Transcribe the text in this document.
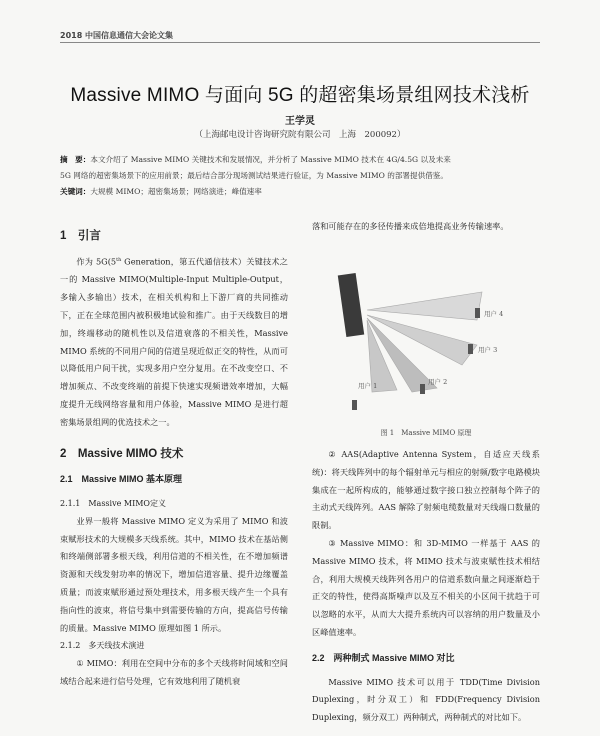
2018 中国信息通信大会论文集
Massive MIMO 与面向 5G 的超密集场景组网技术浅析
王学灵
（上海邮电设计咨询研究院有限公司　上海　200092）
摘　要：本文介绍了 Massive MIMO 关键技术和发展情况，并分析了 Massive MIMO 技术在 4G/4.5G 以及未来
5G 网络的超密集场景下的应用前景；最后结合部分现场测试结果进行验证，为 Massive MIMO 的部署提供借鉴。
关键词：大规模 MIMO；超密集场景；网络演进；峰值速率
1　引言

作为 5G(5th Generation，第五代通信技术）关键技术之一的 Massive MIMO(Multiple-Input Multiple-Output，多输入多输出）技术，在相关机构和上下游厂商的共同推动下，正在全球范围内被积极地试验和推广。由于天线数目的增加，终端移动的随机性以及信道衰落的不相关性，Massive MIMO 系统的不同用户间的信道呈现近似正交的特性，从而可以降低用户间干扰，实现多用户空分复用。在不改变空口、不增加频点、不改变终端的前提下快速实现频谱效率增加，大幅度提升无线网络容量和用户体验，Massive MIMO 是进行超密集场景组网的优选技术之一。

2　Massive MIMO 技术
2.1　Massive MIMO 基本原理
2.1.1　Massive MIMO定义

业界一般将 Massive MIMO 定义为采用了 MIMO 和波束赋形技术的大规模多天线系统。其中，MIMO 技术在基站侧和终端侧部署多根天线，利用信道的不相关性，在不增加频谱资源和天线发射功率的情况下，增加信道容量、提升边缘覆盖质量；而波束赋形通过预处理技术，用多根天线产生一个具有指向性的波束，将信号集中到需要传输的方向，提高信号传输的质量。Massive MIMO 原理如图 1 所示。

2.1.2　多天线技术演进

① MIMO：利用在空间中分布的多个天线将时间域和空间域结合起来进行信号处理，它有效地利用了随机衰

落和可能存在的多径传播来成倍地提高业务传输速率。
用户 4
用户 3
用户 1	用户 2
图 1　Massive MIMO 原理

② AAS(Adaptive Antenna System，自适应天线系统)：将天线阵列中的每个辐射单元与相应的射频/数字电路模块集成在一起所构成的，能够通过数字接口独立控制每个阵子的主动式天线阵列。AAS 解除了射频电缆数量对天线端口数量的限制。

③ Massive MIMO：和 3D-MIMO 一样基于 AAS 的 Massive MIMO 技术，将 MIMO 技术与波束赋性技术相结合，利用大规模天线阵列各用户的信道系数向量之间逐渐趋于正交的特性，使得高斯噪声以及互不相关的小区间干扰趋于可以忽略的水平，从而大大提升系统内可以容纳的用户数量及小区峰值速率。

2.2　两种制式 Massive MIMO 对比

Massive MIMO 技术可以用于 TDD(Time Division Duplexing，时分双工）和 FDD(Frequency Division Duplexing，频分双工）两种制式，两种制式的对比如下。
